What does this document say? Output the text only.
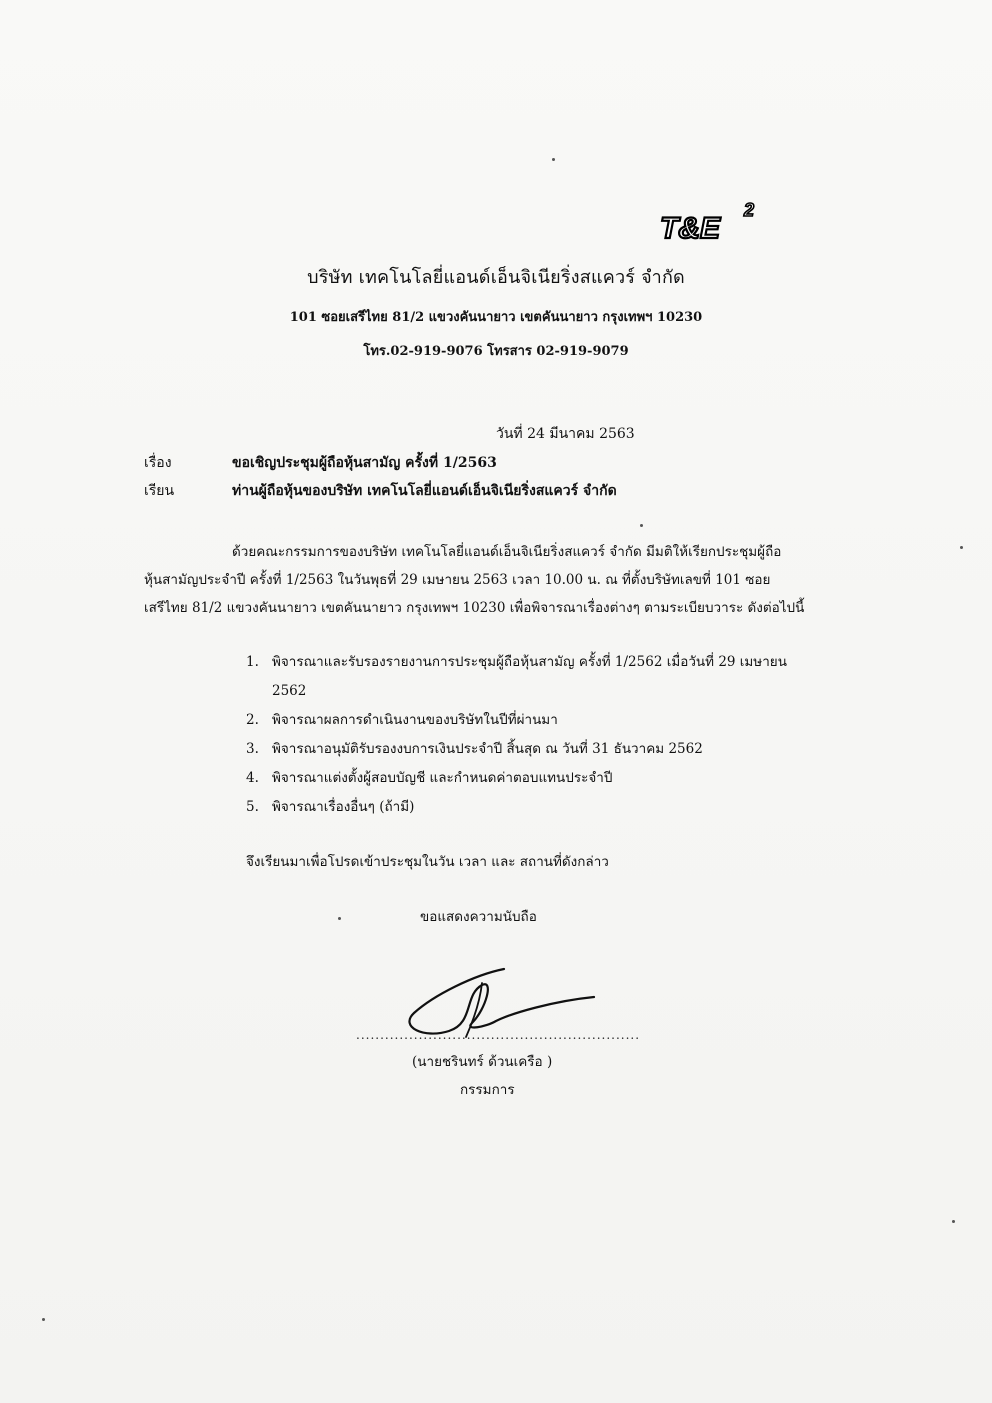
T&E
2
บริษัท เทคโนโลยี่แอนด์เอ็นจิเนียริ่งสแควร์ จำกัด
101 ซอยเสรีไทย 81/2 แขวงคันนายาว เขตคันนายาว กรุงเทพฯ 10230
โทร.02-919-9076 โทรสาร 02-919-9079
วันที่ 24 มีนาคม 2563
เรื่อง	ขอเชิญประชุมผู้ถือหุ้นสามัญ ครั้งที่ 1/2563
เรียน	ท่านผู้ถือหุ้นของบริษัท เทคโนโลยี่แอนด์เอ็นจิเนียริ่งสแควร์ จำกัด
ด้วยคณะกรรมการของบริษัท เทคโนโลยี่แอนด์เอ็นจิเนียริ่งสแควร์ จำกัด มีมติให้เรียกประชุมผู้ถือ
หุ้นสามัญประจำปี ครั้งที่ 1/2563 ในวันพุธที่ 29 เมษายน 2563 เวลา 10.00 น. ณ ที่ตั้งบริษัทเลขที่ 101 ซอย
เสรีไทย 81/2 แขวงคันนายาว เขตคันนายาว กรุงเทพฯ 10230 เพื่อพิจารณาเรื่องต่างๆ ตามระเบียบวาระ ดังต่อไปนี้
1. พิจารณาและรับรองรายงานการประชุมผู้ถือหุ้นสามัญ ครั้งที่ 1/2562 เมื่อวันที่ 29 เมษายน
2562
2. พิจารณาผลการดำเนินงานของบริษัทในปีที่ผ่านมา
3. พิจารณาอนุมัติรับรองงบการเงินประจำปี สิ้นสุด ณ วันที่ 31 ธันวาคม 2562
4. พิจารณาแต่งตั้งผู้สอบบัญชี และกำหนดค่าตอบแทนประจำปี
5. พิจารณาเรื่องอื่นๆ (ถ้ามี)
จึงเรียนมาเพื่อโปรดเข้าประชุมในวัน เวลา และ สถานที่ดังกล่าว
ขอแสดงความนับถือ
...........................................................
(นายชรินทร์ ด้วนเครือ )
กรรมการ
